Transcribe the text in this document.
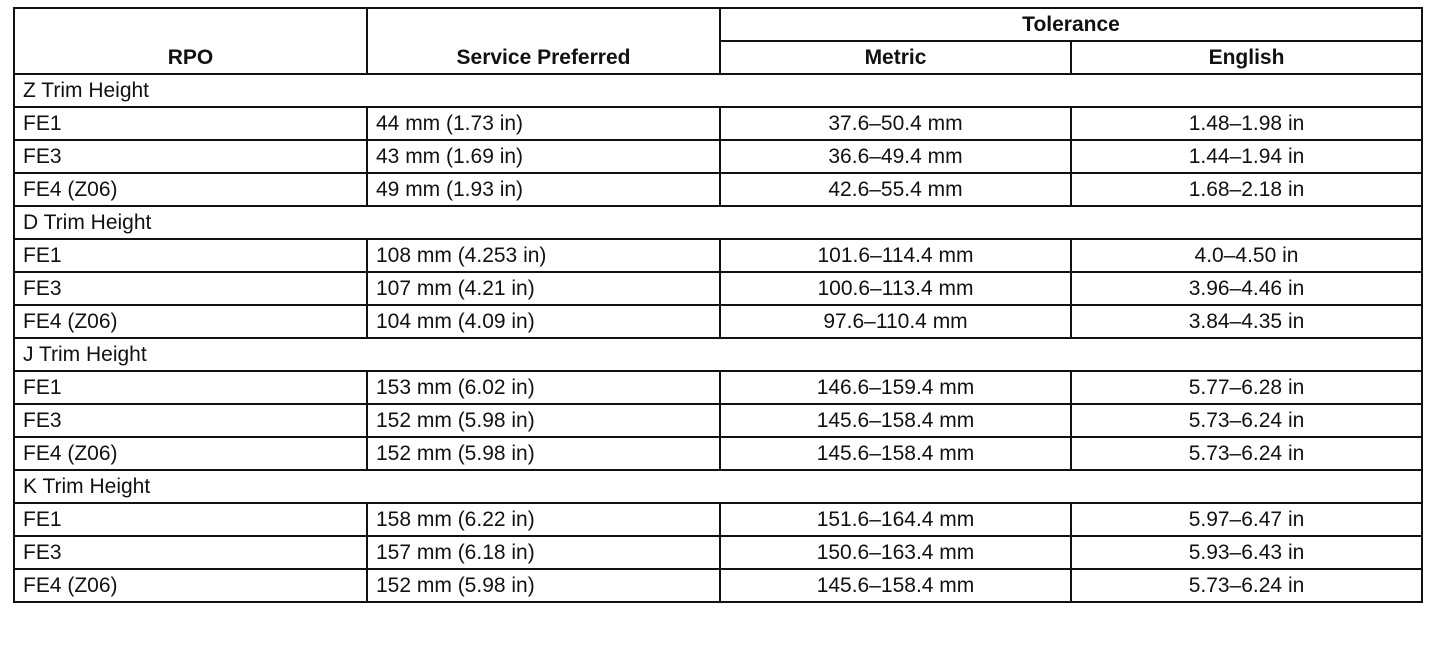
RPO	Service Preferred	Tolerance	
		Metric	English
Z Trim Height			
FE1	44 mm (1.73 in)	37.6–50.4 mm	1.48–1.98 in
FE3	43 mm (1.69 in)	36.6–49.4 mm	1.44–1.94 in
FE4 (Z06)	49 mm (1.93 in)	42.6–55.4 mm	1.68–2.18 in
D Trim Height			
FE1	108 mm (4.253 in)	101.6–114.4 mm	4.0–4.50 in
FE3	107 mm (4.21 in)	100.6–113.4 mm	3.96–4.46 in
FE4 (Z06)	104 mm (4.09 in)	97.6–110.4 mm	3.84–4.35 in
J Trim Height			
FE1	153 mm (6.02 in)	146.6–159.4 mm	5.77–6.28 in
FE3	152 mm (5.98 in)	145.6–158.4 mm	5.73–6.24 in
FE4 (Z06)	152 mm (5.98 in)	145.6–158.4 mm	5.73–6.24 in
K Trim Height			
FE1	158 mm (6.22 in)	151.6–164.4 mm	5.97–6.47 in
FE3	157 mm (6.18 in)	150.6–163.4 mm	5.93–6.43 in
FE4 (Z06)	152 mm (5.98 in)	145.6–158.4 mm	5.73–6.24 in
